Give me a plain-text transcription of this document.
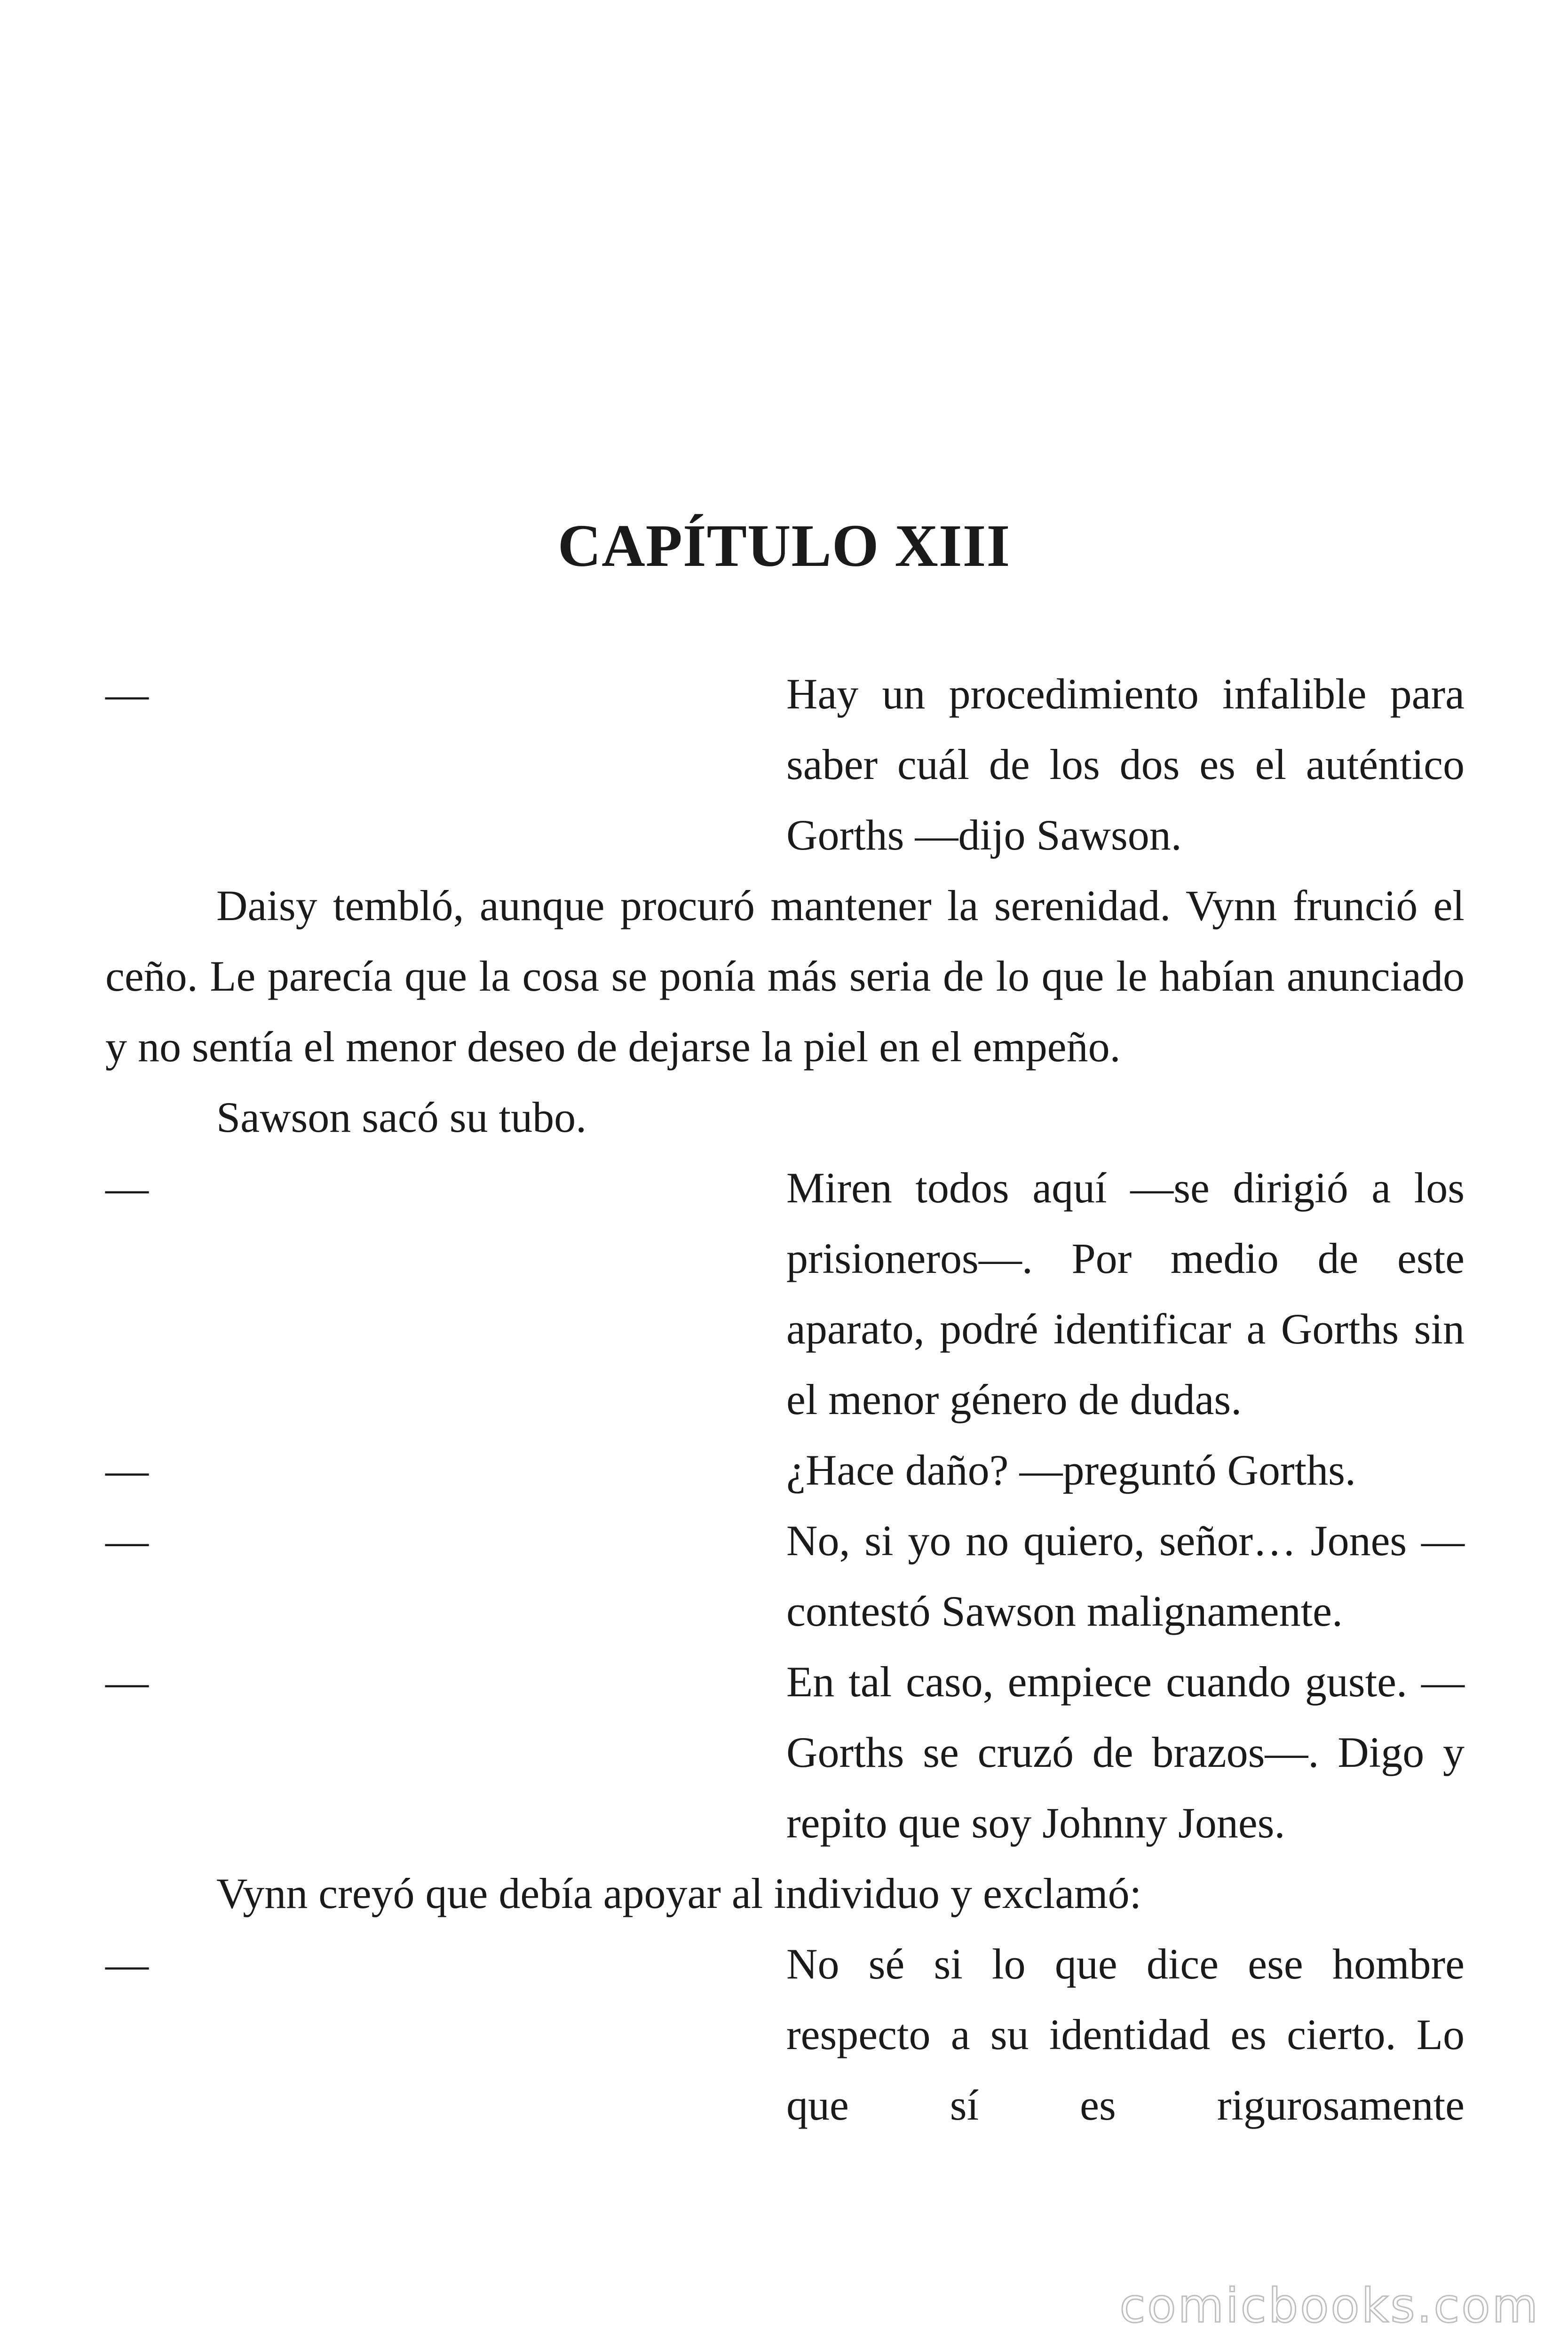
CAPÍTULO XIII
—	Hay un procedimiento infalible para saber cuál de los dos es el auténtico Gorths —dijo Sawson.

Daisy tembló, aunque procuró mantener la serenidad. Vynn frunció el ceño. Le parecía que la cosa se ponía más seria de lo que le habían anunciado y no sentía el menor deseo de dejarse la piel en el empeño.

Sawson sacó su tubo.

—	Miren todos aquí —se dirigió a los prisioneros—. Por medio de este aparato, podré identificar a Gorths sin el menor género de dudas.
—	¿Hace daño? —preguntó Gorths.
—	No, si yo no quiero, señor… Jones —contestó Sawson malignamente.
—	En tal caso, empiece cuando guste. —Gorths se cruzó de brazos—. Digo y repito que soy Johnny Jones.

Vynn creyó que debía apoyar al individuo y exclamó:

—	No sé si lo que dice ese hombre respecto a su identidad es cierto. Lo que sí es rigurosamente
comicbooks.com
